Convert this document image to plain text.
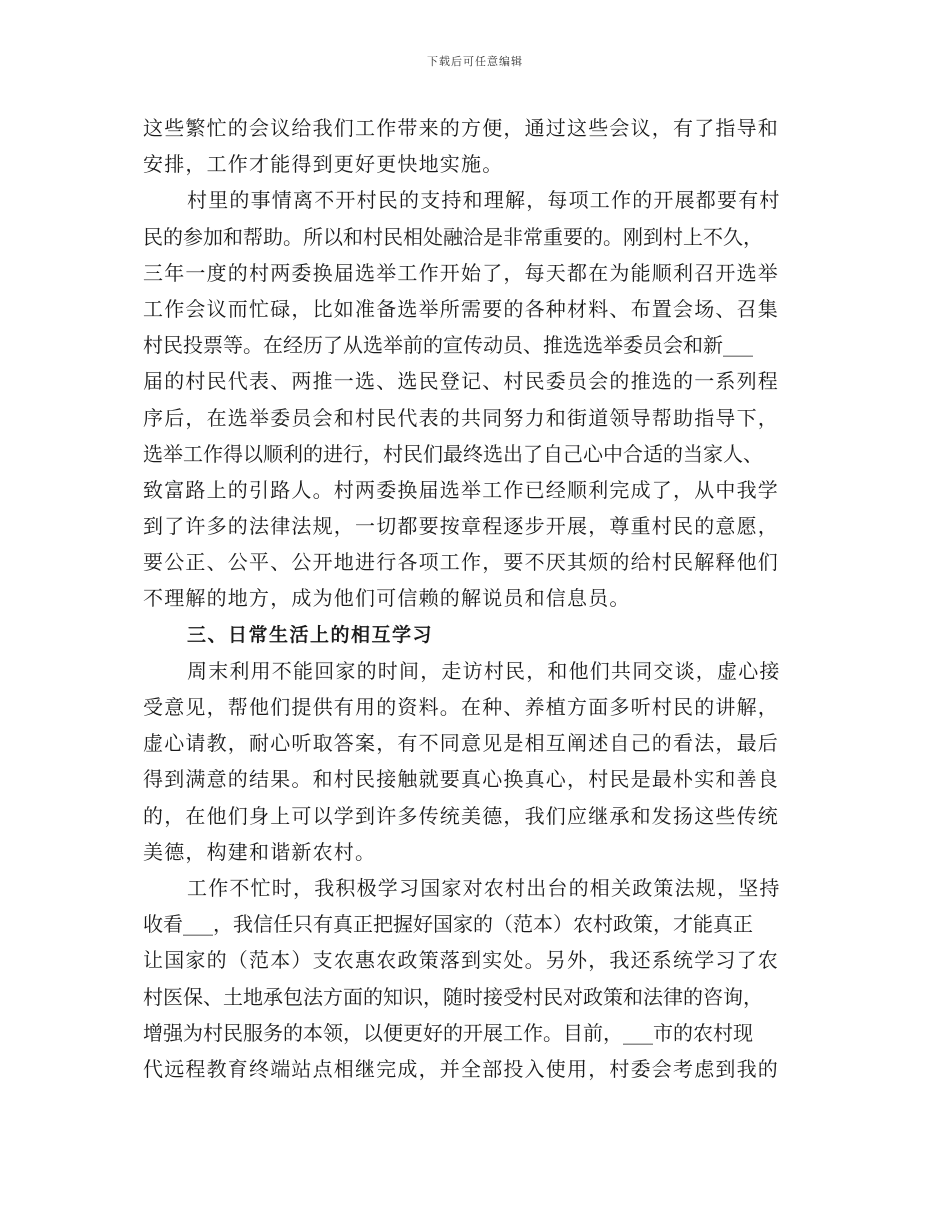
下载后可任意编辑
这些繁忙的会议给我们工作带来的方便，通过这些会议，有了指导和
安排，工作才能得到更好更快地实施。
村里的事情离不开村民的支持和理解，每项工作的开展都要有村
民的参加和帮助。所以和村民相处融洽是非常重要的。刚到村上不久，
三年一度的村两委换届选举工作开始了，每天都在为能顺利召开选举
工作会议而忙碌，比如准备选举所需要的各种材料、布置会场、召集
村民投票等。在经历了从选举前的宣传动员、推选选举委员会和新___
届的村民代表、两推一选、选民登记、村民委员会的推选的一系列程
序后，在选举委员会和村民代表的共同努力和街道领导帮助指导下，
选举工作得以顺利的进行，村民们最终选出了自己心中合适的当家人、
致富路上的引路人。村两委换届选举工作已经顺利完成了，从中我学
到了许多的法律法规，一切都要按章程逐步开展，尊重村民的意愿，
要公正、公平、公开地进行各项工作，要不厌其烦的给村民解释他们
不理解的地方，成为他们可信赖的解说员和信息员。
三、日常生活上的相互学习
周末利用不能回家的时间，走访村民，和他们共同交谈，虚心接
受意见，帮他们提供有用的资料。在种、养植方面多听村民的讲解，
虚心请教，耐心听取答案，有不同意见是相互阐述自己的看法，最后
得到满意的结果。和村民接触就要真心换真心，村民是最朴实和善良
的，在他们身上可以学到许多传统美德，我们应继承和发扬这些传统
美德，构建和谐新农村。
工作不忙时，我积极学习国家对农村出台的相关政策法规，坚持
收看___，我信任只有真正把握好国家的（范本）农村政策，才能真正
让国家的（范本）支农惠农政策落到实处。另外，我还系统学习了农
村医保、土地承包法方面的知识，随时接受村民对政策和法律的咨询，
增强为村民服务的本领，以便更好的开展工作。目前，___市的农村现
代远程教育终端站点相继完成，并全部投入使用，村委会考虑到我的
